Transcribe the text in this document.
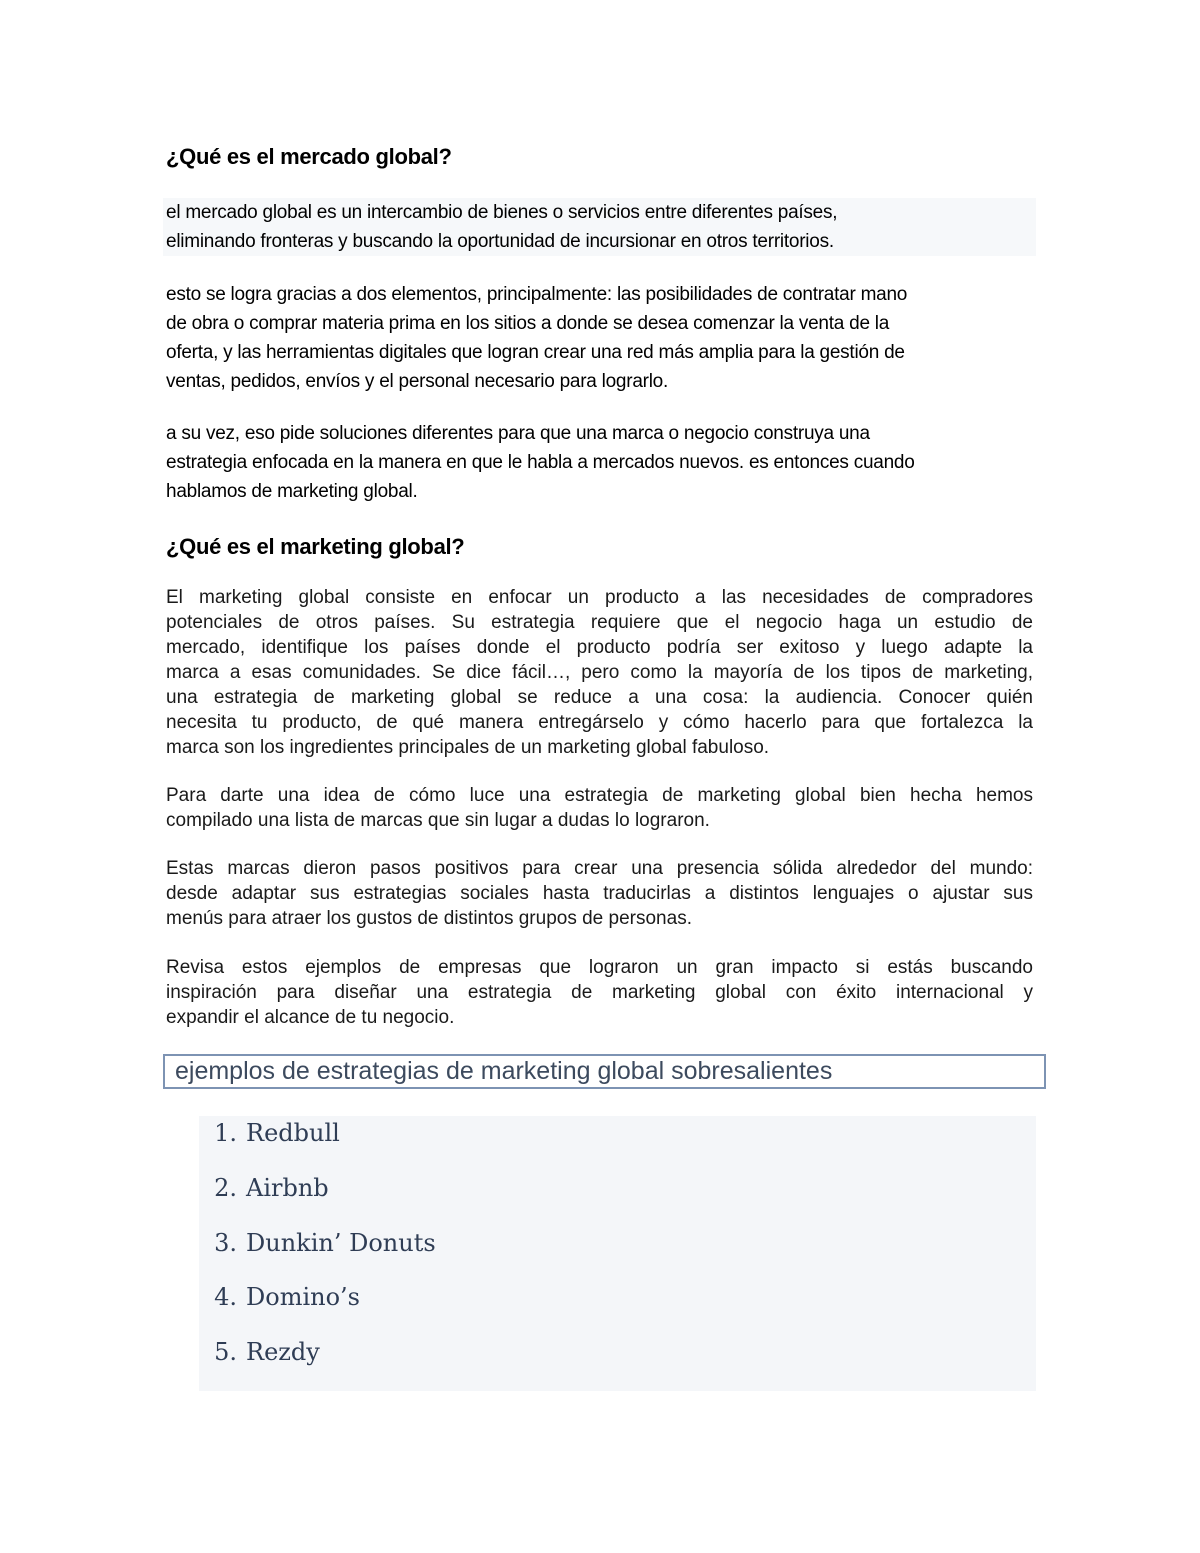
¿Qué es el mercado global?
el mercado global es un intercambio de bienes o servicios entre diferentes países,
eliminando fronteras y buscando la oportunidad de incursionar en otros territorios.
esto se logra gracias a dos elementos, principalmente: las posibilidades de contratar mano
de obra o comprar materia prima en los sitios a donde se desea comenzar la venta de la
oferta, y las herramientas digitales que logran crear una red más amplia para la gestión de
ventas, pedidos, envíos y el personal necesario para lograrlo.
a su vez, eso pide soluciones diferentes para que una marca o negocio construya una
estrategia enfocada en la manera en que le habla a mercados nuevos. es entonces cuando
hablamos de marketing global.
¿Qué es el marketing global?
El marketing global consiste en enfocar un producto a las necesidades de compradores
potenciales de otros países. Su estrategia requiere que el negocio haga un estudio de
mercado, identifique los países donde el producto podría ser exitoso y luego adapte la
marca a esas comunidades. Se dice fácil…, pero como la mayoría de los tipos de marketing,
una estrategia de marketing global se reduce a una cosa: la audiencia. Conocer quién
necesita tu producto, de qué manera entregárselo y cómo hacerlo para que fortalezca la
marca son los ingredientes principales de un marketing global fabuloso.
Para darte una idea de cómo luce una estrategia de marketing global bien hecha hemos
compilado una lista de marcas que sin lugar a dudas lo lograron.
Estas marcas dieron pasos positivos para crear una presencia sólida alrededor del mundo:
desde adaptar sus estrategias sociales hasta traducirlas a distintos lenguajes o ajustar sus
menús para atraer los gustos de distintos grupos de personas.
Revisa estos ejemplos de empresas que lograron un gran impacto si estás buscando
inspiración para diseñar una estrategia de marketing global con éxito internacional y
expandir el alcance de tu negocio.
ejemplos de estrategias de marketing global sobresalientes
1. Redbull
2. Airbnb
3. Dunkin’ Donuts
4. Domino’s
5. Rezdy
